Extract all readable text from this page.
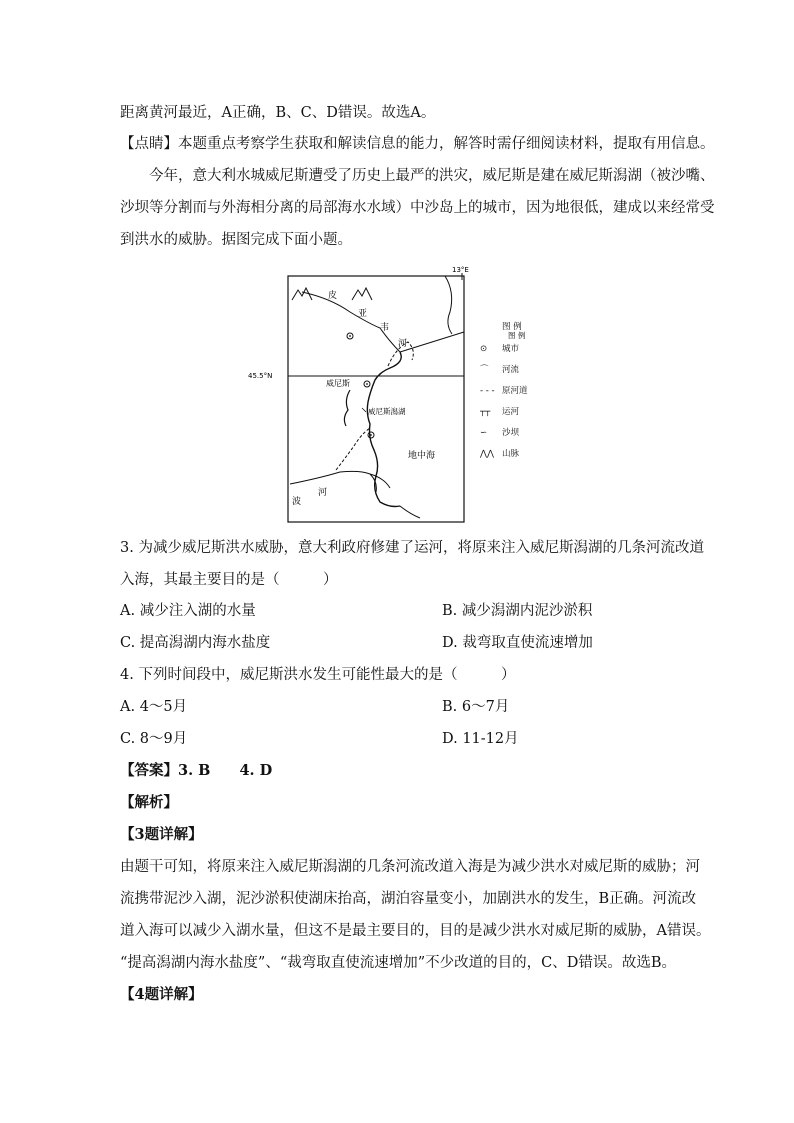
距离黄河最近，A正确，B、C、D错误。故选A。
【点睛】本题重点考察学生获取和解读信息的能力，解答时需仔细阅读材料，提取有用信息。
今年，意大利水城威尼斯遭受了历史上最严的洪灾，威尼斯是建在威尼斯潟湖（被沙嘴、
沙坝等分割而与外海相分离的局部海水水域）中沙岛上的城市，因为地很低，建成以来经常受
到洪水的威胁。据图完成下面小题。
13°E
45.5°N
皮
亚
韦
河
威尼斯
威尼斯潟湖
地中海
波
河
图 例
图 例
⊙ 城市
⌒ 河流
- - - 原河道
┬┬ 运河
∽ 沙坝
⋀⋀ 山脉
3. 为减少威尼斯洪水威胁，意大利政府修建了运河，将原来注入威尼斯潟湖的几条河流改道
入海，其最主要目的是（　　　）
A. 减少注入湖的水量	B. 减少潟湖内泥沙淤积
C. 提高潟湖内海水盐度	D. 裁弯取直使流速增加
4. 下列时间段中，威尼斯洪水发生可能性最大的是（　　　）
A. 4～5月	B. 6～7月
C. 8～9月	D. 11-12月
【答案】3. B　　4. D
【解析】
【3题详解】
由题干可知，将原来注入威尼斯潟湖的几条河流改道入海是为减少洪水对威尼斯的威胁；河
流携带泥沙入湖，泥沙淤积使湖床抬高，湖泊容量变小，加剧洪水的发生，B正确。河流改
道入海可以减少入湖水量，但这不是最主要目的，目的是减少洪水对威尼斯的威胁，A错误。
“提高潟湖内海水盐度”、“裁弯取直使流速增加”不少改道的目的，C、D错误。故选B。
【4题详解】
